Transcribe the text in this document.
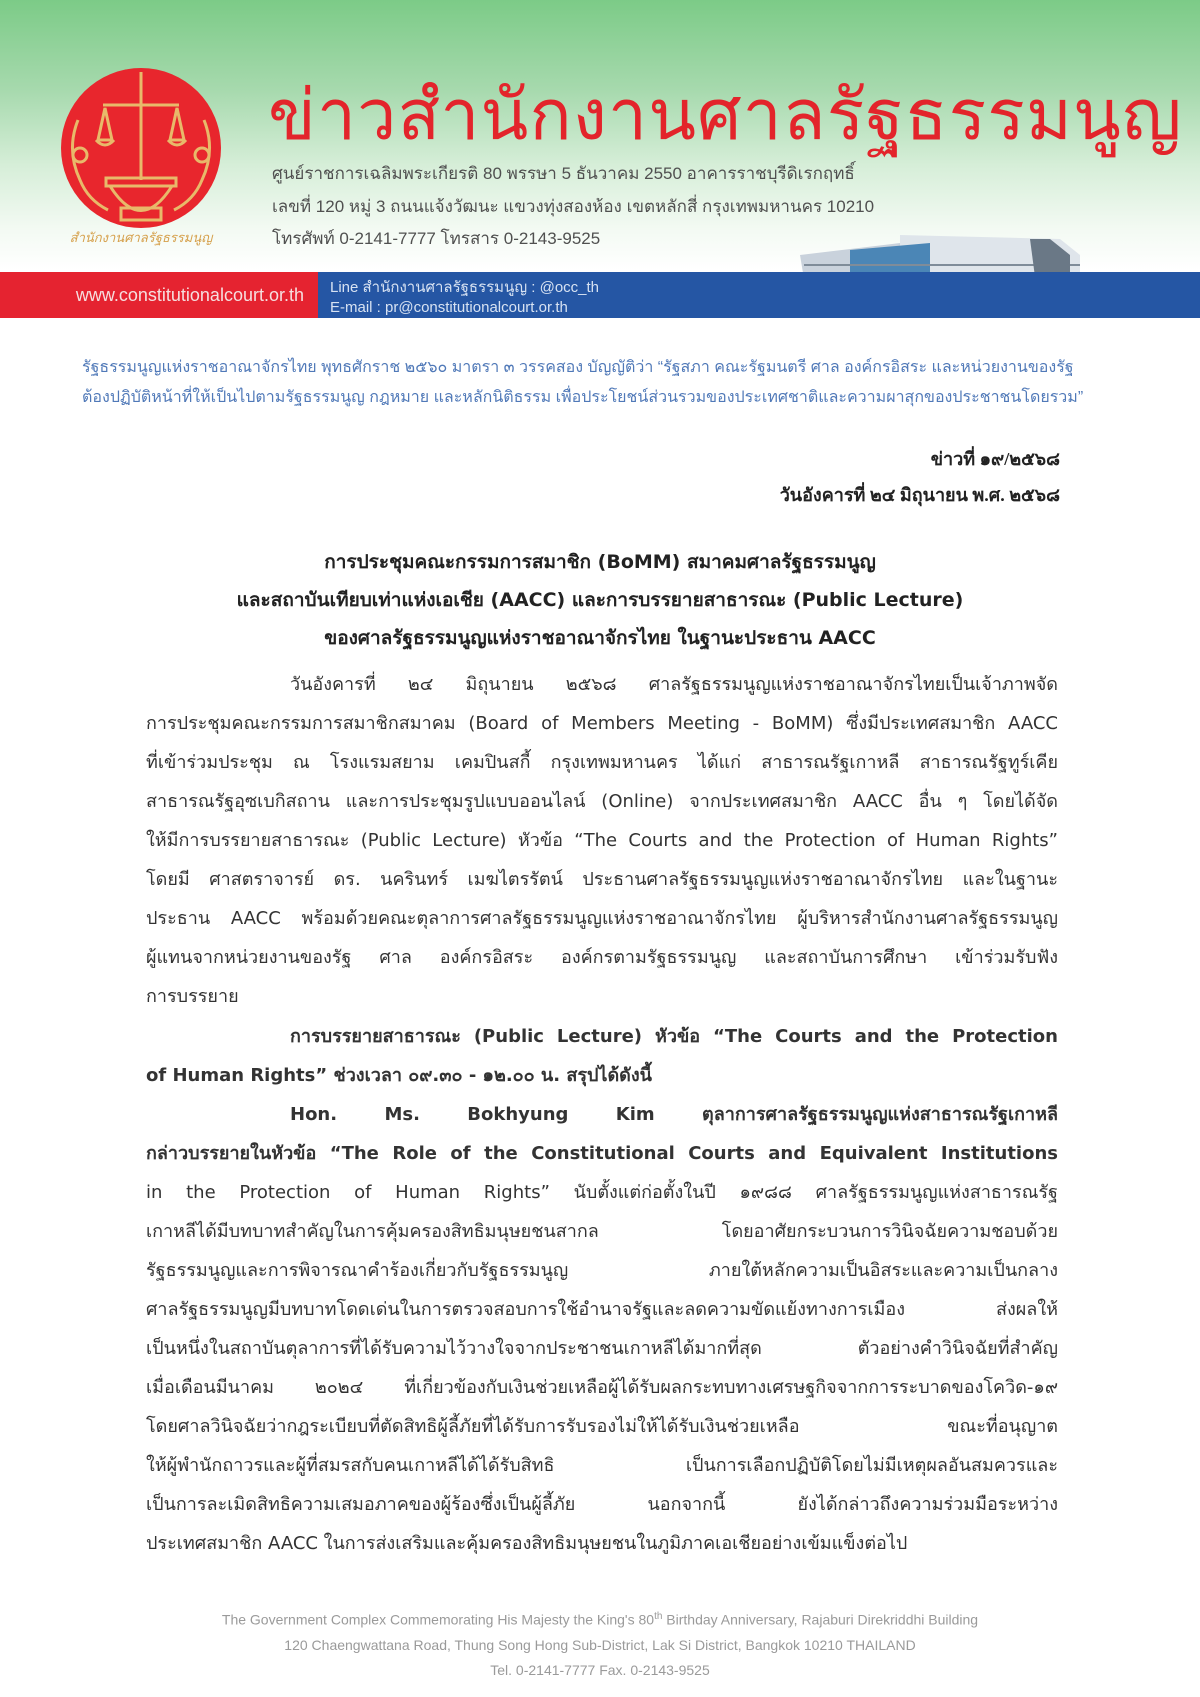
สำนักงานศาลรัฐธรรมนูญ
ข่าวสำนักงานศาลรัฐธรรมนูญ
ศูนย์ราชการเฉลิมพระเกียรติ 80 พรรษา 5 ธันวาคม 2550 อาคารราชบุรีดิเรกฤทธิ์
เลขที่ 120 หมู่ 3 ถนนแจ้งวัฒนะ แขวงทุ่งสองห้อง เขตหลักสี่ กรุงเทพมหานคร 10210
โทรศัพท์ 0-2141-7777 โทรสาร 0-2143-9525
www.constitutionalcourt.or.th Line สำนักงานศาลรัฐธรรมนูญ : @occ_th
E-mail : pr@constitutionalcourt.or.th
รัฐธรรมนูญแห่งราชอาณาจักรไทย พุทธศักราช ๒๕๖๐ มาตรา ๓ วรรคสอง บัญญัติว่า “รัฐสภา คณะรัฐมนตรี ศาล องค์กรอิสระ และหน่วยงานของรัฐ
ต้องปฏิบัติหน้าที่ให้เป็นไปตามรัฐธรรมนูญ กฎหมาย และหลักนิติธรรม เพื่อประโยชน์ส่วนรวมของประเทศชาติและความผาสุกของประชาชนโดยรวม”
ข่าวที่ ๑๙/๒๕๖๘
วันอังคารที่ ๒๔ มิถุนายน พ.ศ. ๒๕๖๘
การประชุมคณะกรรมการสมาชิก (BoMM) สมาคมศาลรัฐธรรมนูญ
และสถาบันเทียบเท่าแห่งเอเชีย (AACC) และการบรรยายสาธารณะ (Public Lecture)
ของศาลรัฐธรรมนูญแห่งราชอาณาจักรไทย ในฐานะประธาน AACC
วันอังคารที่ ๒๔ มิถุนายน ๒๕๖๘ ศาลรัฐธรรมนูญแห่งราชอาณาจักรไทยเป็นเจ้าภาพจัด
การประชุมคณะกรรมการสมาชิกสมาคม (Board of Members Meeting - BoMM) ซึ่งมีประเทศสมาชิก AACC
ที่เข้าร่วมประชุม ณ โรงแรมสยาม เคมปินสกี้ กรุงเทพมหานคร ได้แก่ สาธารณรัฐเกาหลี สาธารณรัฐทูร์เคีย
สาธารณรัฐอุซเบกิสถาน และการประชุมรูปแบบออนไลน์ (Online) จากประเทศสมาชิก AACC อื่น ๆ โดยได้จัด
ให้มีการบรรยายสาธารณะ (Public Lecture) หัวข้อ “The Courts and the Protection of Human Rights”
โดยมี ศาสตราจารย์ ดร. นครินทร์ เมฆไตรรัตน์ ประธานศาลรัฐธรรมนูญแห่งราชอาณาจักรไทย และในฐานะ
ประธาน AACC พร้อมด้วยคณะตุลาการศาลรัฐธรรมนูญแห่งราชอาณาจักรไทย ผู้บริหารสำนักงานศาลรัฐธรรมนูญ
ผู้แทนจากหน่วยงานของรัฐ ศาล องค์กรอิสระ องค์กรตามรัฐธรรมนูญ และสถาบันการศึกษา เข้าร่วมรับฟัง
การบรรยาย
การบรรยายสาธารณะ (Public Lecture) หัวข้อ “The Courts and the Protection
of Human Rights” ช่วงเวลา ๐๙.๓๐ - ๑๒.๐๐ น. สรุปได้ดังนี้
Hon. Ms. Bokhyung Kim ตุลาการศาลรัฐธรรมนูญแห่งสาธารณรัฐเกาหลี
กล่าวบรรยายในหัวข้อ “The Role of the Constitutional Courts and Equivalent Institutions
in the Protection of Human Rights” นับตั้งแต่ก่อตั้งในปี ๑๙๘๘ ศาลรัฐธรรมนูญแห่งสาธารณรัฐ
เกาหลีได้มีบทบาทสำคัญในการคุ้มครองสิทธิมนุษยชนสากล โดยอาศัยกระบวนการวินิจฉัยความชอบด้วย
รัฐธรรมนูญและการพิจารณาคำร้องเกี่ยวกับรัฐธรรมนูญ ภายใต้หลักความเป็นอิสระและความเป็นกลาง
ศาลรัฐธรรมนูญมีบทบาทโดดเด่นในการตรวจสอบการใช้อำนาจรัฐและลดความขัดแย้งทางการเมือง ส่งผลให้
เป็นหนึ่งในสถาบันตุลาการที่ได้รับความไว้วางใจจากประชาชนเกาหลีได้มากที่สุด ตัวอย่างคำวินิจฉัยที่สำคัญ
เมื่อเดือนมีนาคม ๒๐๒๔ ที่เกี่ยวข้องกับเงินช่วยเหลือผู้ได้รับผลกระทบทางเศรษฐกิจจากการระบาดของโควิด-๑๙
โดยศาลวินิจฉัยว่ากฎระเบียบที่ตัดสิทธิผู้ลี้ภัยที่ได้รับการรับรองไม่ให้ได้รับเงินช่วยเหลือ ขณะที่อนุญาต
ให้ผู้พำนักถาวรและผู้ที่สมรสกับคนเกาหลีได้ได้รับสิทธิ เป็นการเลือกปฏิบัติโดยไม่มีเหตุผลอันสมควรและ
เป็นการละเมิดสิทธิความเสมอภาคของผู้ร้องซึ่งเป็นผู้ลี้ภัย นอกจากนี้ ยังได้กล่าวถึงความร่วมมือระหว่าง
ประเทศสมาชิก AACC ในการส่งเสริมและคุ้มครองสิทธิมนุษยชนในภูมิภาคเอเชียอย่างเข้มแข็งต่อไป
The Government Complex Commemorating His Majesty the King's 80th Birthday Anniversary, Rajaburi Direkriddhi Building
120 Chaengwattana Road, Thung Song Hong Sub-District, Lak Si District, Bangkok 10210 THAILAND
Tel. 0-2141-7777 Fax. 0-2143-9525
